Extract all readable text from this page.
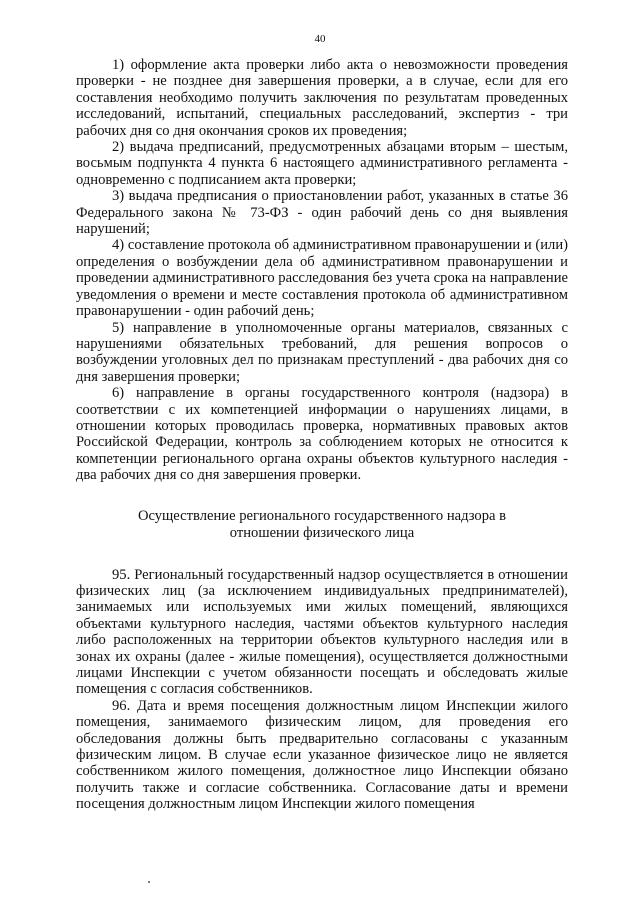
40

1) оформление акта проверки либо акта о невозможности проведения проверки - не позднее дня завершения проверки, а в случае, если для его составления необходимо получить заключения по результатам проведенных исследований, испытаний, специальных расследований, экспертиз - три рабочих дня со дня окончания сроков их проведения;

2) выдача предписаний, предусмотренных абзацами вторым – шестым, восьмым подпункта 4 пункта 6 настоящего административного регламента - одновременно с подписанием акта проверки;

3) выдача предписания о приостановлении работ, указанных в статье 36 Федерального закона № 73-ФЗ - один рабочий день со дня выявления нарушений;

4) составление протокола об административном правонарушении и (или) определения о возбуждении дела об административном правонарушении и проведении административного расследования без учета срока на направление уведомления о времени и месте составления протокола об административном правонарушении - один рабочий день;

5) направление в уполномоченные органы материалов, связанных с нарушениями обязательных требований, для решения вопросов о возбуждении уголовных дел по признакам преступлений - два рабочих дня со дня завершения проверки;

6) направление в органы государственного контроля (надзора) в соответствии с их компетенцией информации о нарушениях лицами, в отношении которых проводилась проверка, нормативных правовых актов Российской Федерации, контроль за соблюдением которых не относится к компетенции регионального органа охраны объектов культурного наследия - два рабочих дня со дня завершения проверки.

Осуществление регионального государственного надзора в
отношении физического лица

95. Региональный государственный надзор осуществляется в отношении физических лиц (за исключением индивидуальных предпринимателей), занимаемых или используемых ими жилых помещений, являющихся объектами культурного наследия, частями объектов культурного наследия либо расположенных на территории объектов культурного наследия или в зонах их охраны (далее - жилые помещения), осуществляется должностными лицами Инспекции с учетом обязанности посещать и обследовать жилые помещения с согласия собственников.

96. Дата и время посещения должностным лицом Инспекции жилого помещения, занимаемого физическим лицом, для проведения его обследования должны быть предварительно согласованы с указанным физическим лицом. В случае если указанное физическое лицо не является собственником жилого помещения, должностное лицо Инспекции обязано получить также и согласие собственника. Согласование даты и времени посещения должностным лицом Инспекции жилого помещения
